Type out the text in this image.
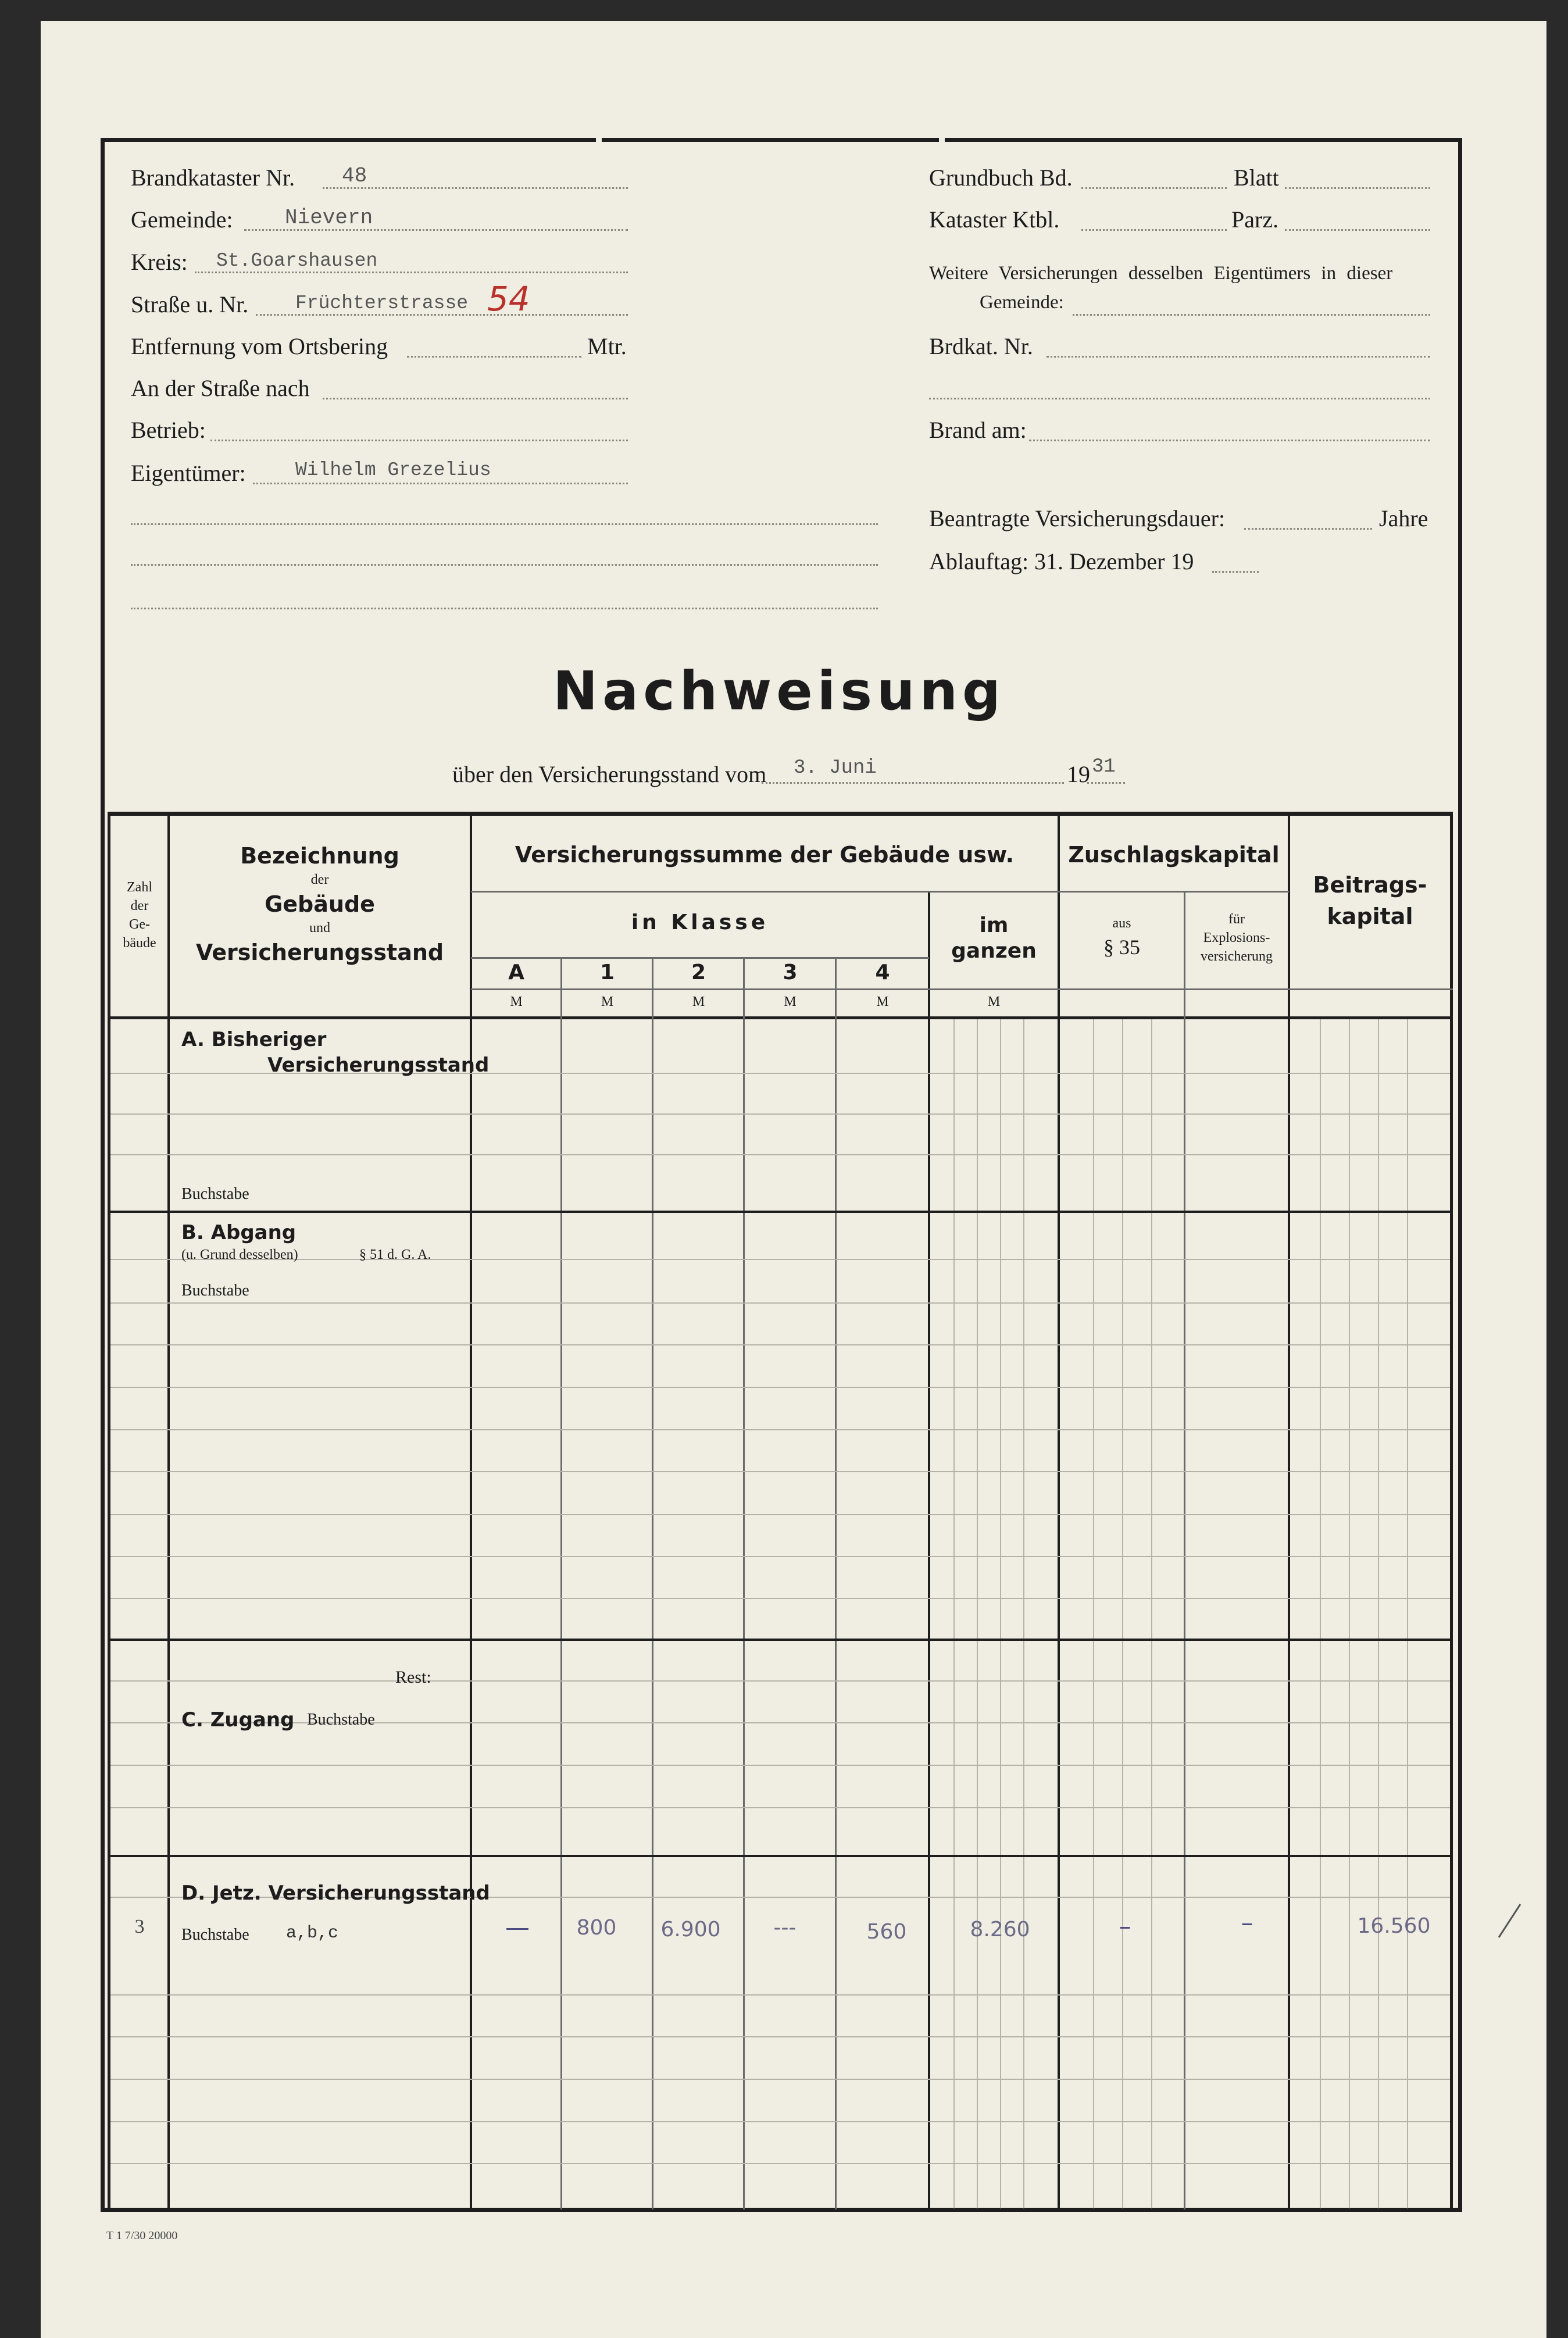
Brandkataster Nr. 48
Gemeinde: Nievern
Kreis: St.Goarshausen
Straße u. Nr. Früchterstrasse 54
Entfernung vom Ortsbering	Mtr.
An der Straße nach
Betrieb:
Eigentümer:	Wilhelm Grezelius
Grundbuch Bd.	Blatt
Kataster Ktbl.	Parz.
Weitere Versicherungen desselben Eigentümers in dieser
Gemeinde:
Brdkat. Nr.
Brand am:
Beantragte Versicherungsdauer:	Jahre
Ablauftag: 31. Dezember 19
Nachweisung
über den Versicherungsstand vom 3. Juni	19 31
Zahl
der
Ge-
bäude
Bezeichnung
der
Gebäude
und
Versicherungsstand
Versicherungssumme der Gebäude usw.
in Klasse
A	1	2	3	4
im
ganzen
Zuschlagskapital
aus
§ 35
für
Explosions-
versicherung
Beitrags-
kapital
M	M	M	M	M	M
A. Bisheriger
Versicherungsstand
Buchstabe
B. Abgang
(u. Grund desselben)	§ 51 d. G. A.
Buchstabe
Rest:
C. Zugang Buchstabe
D. Jetz. Versicherungsstand
Buchstabe a,b,c
3	—	800	6.900	---	560	8.260	–	–	16.560
T 1 7/30 20000
